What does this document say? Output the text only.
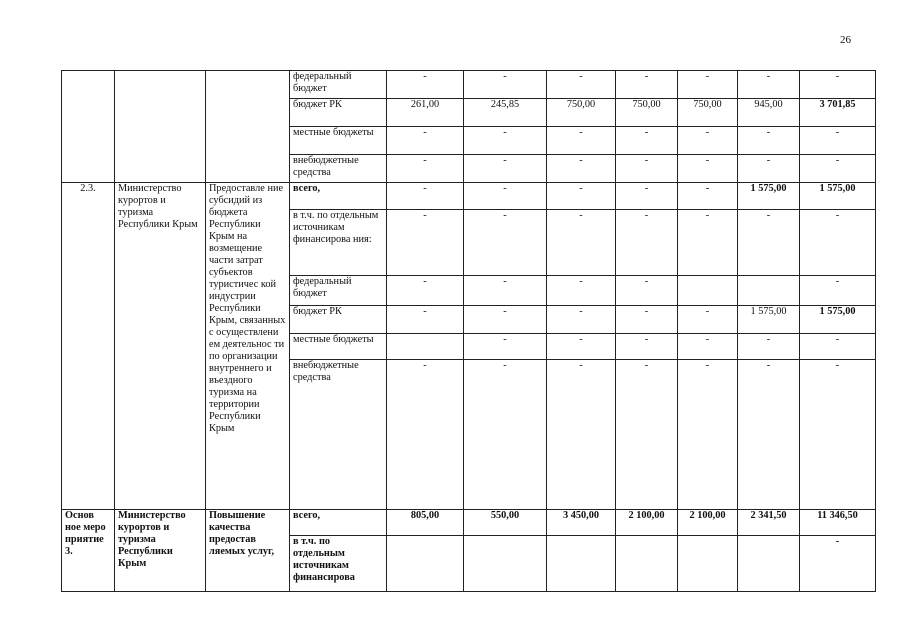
26
			федеральный бюджет	-	-	-	-	-	-	-
			бюджет РК	261,00	245,85	750,00	750,00	750,00	945,00	3 701,85
			местные бюджеты	-	-	-	-	-	-	-
			внебюджетные средства	-	-	-	-	-	-	-
2.3.	Министерство курортов и туризма Республики Крым	Предоставле ние субсидий из бюджета Республики Крым на возмещение части затрат субъектов туристичес кой индустрии Республики Крым, связанных с осуществлени ем деятельнос ти по организации внутреннего и въездного туризма на территории Республики Крым	всего,	-	-	-	-	-	1 575,00	1 575,00
			в т.ч. по отдельным источникам финансирова ния:	-	-	-	-	-	-	-
			федеральный бюджет	-	-	-	-			-
			бюджет РК	-	-	-	-	-	1 575,00	1 575,00
			местные бюджеты		-	-	-	-	-	-
			внебюджетные средства	-	-	-	-	-	-	-
Основ ное меро приятие 3.	Министерство курортов и туризма Республики Крым	Повышение качества предостав ляемых услуг,	всего,	805,00	550,00	3 450,00	2 100,00	2 100,00	2 341,50	11 346,50
			в т.ч. по отдельным источникам финансирова							-
